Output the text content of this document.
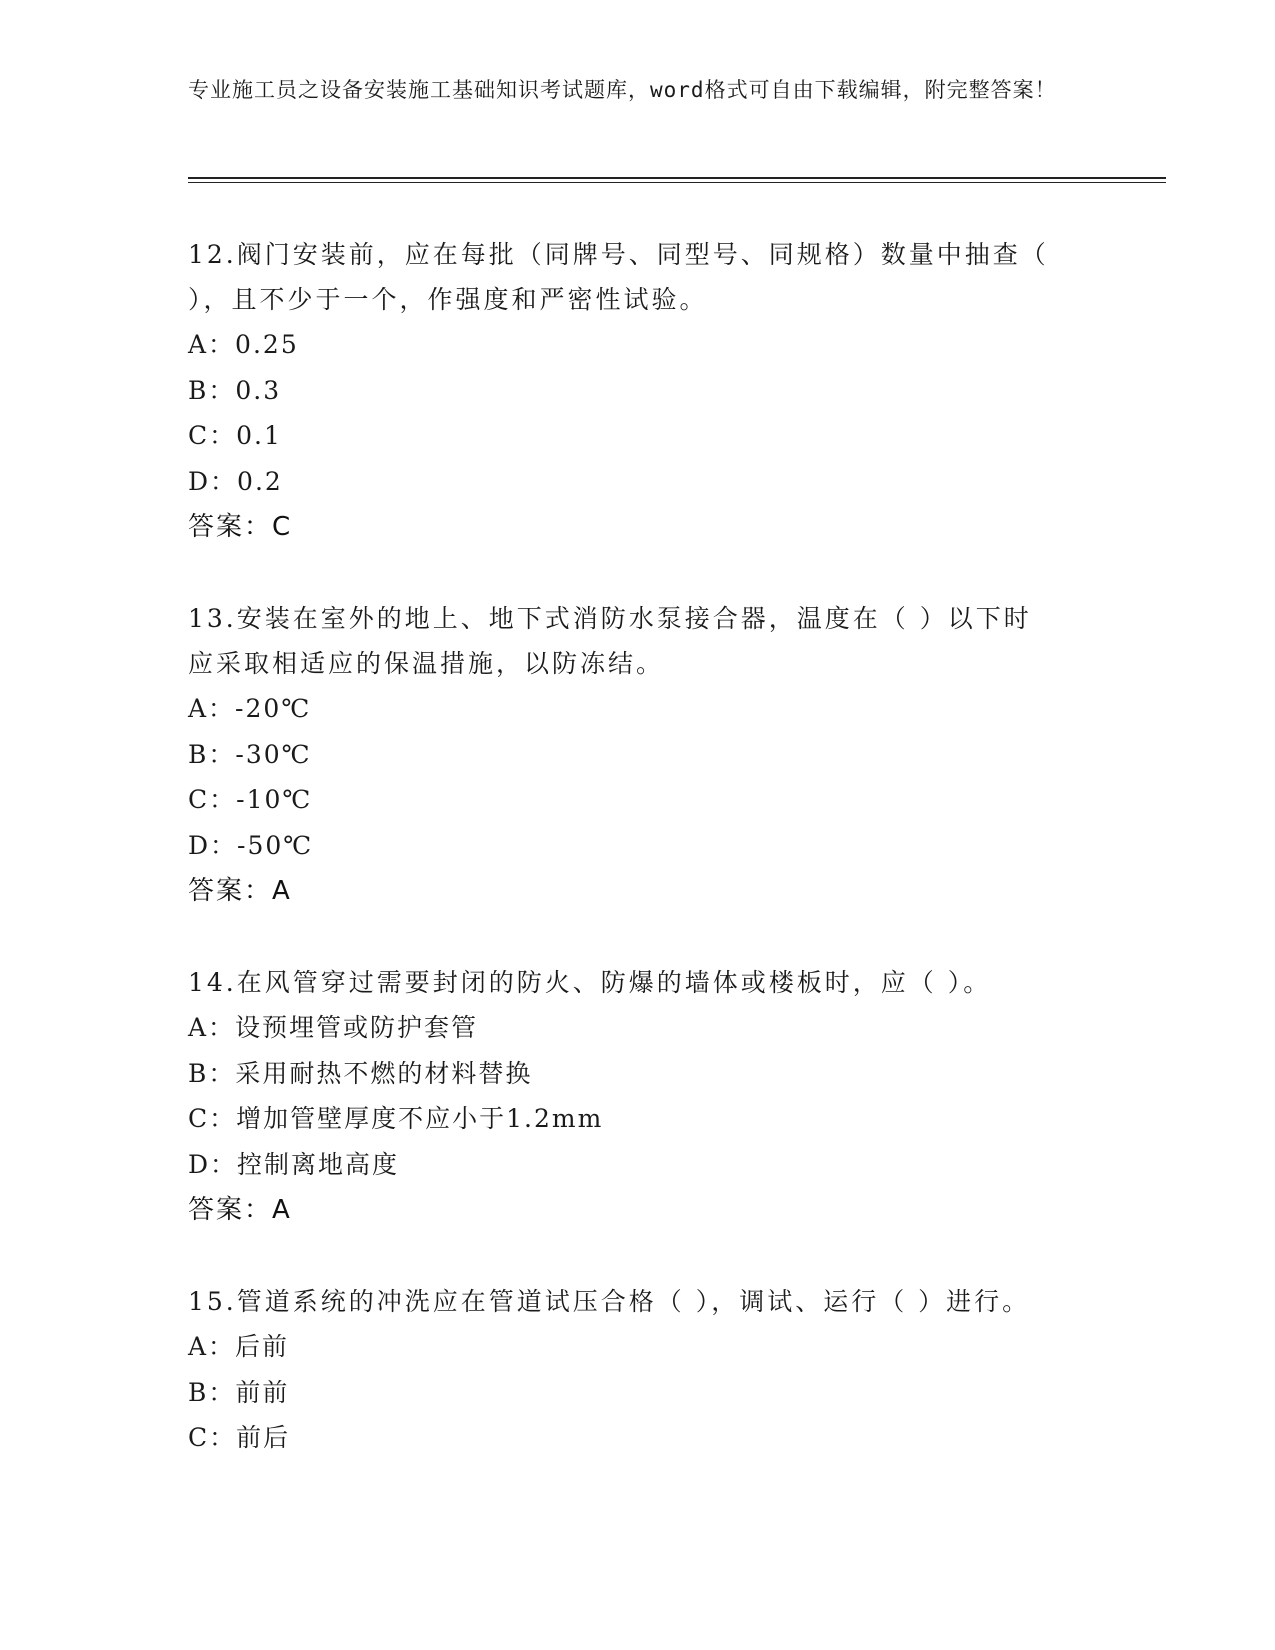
专业施工员之设备安装施工基础知识考试题库，word格式可自由下载编辑，附完整答案！
12.阀门安装前，应在每批（同牌号、同型号、同规格）数量中抽查（
），且不少于一个，作强度和严密性试验。
A：0.25
B：0.3
C：0.1
D：0.2
答案：C
13.安装在室外的地上、地下式消防水泵接合器，温度在（ ）以下时
应采取相适应的保温措施，以防冻结。
A：-20℃
B：-30℃
C：-10℃
D：-50℃
答案：A
14.在风管穿过需要封闭的防火、防爆的墙体或楼板时，应（ ）。
A：设预埋管或防护套管
B：采用耐热不燃的材料替换
C：增加管壁厚度不应小于1.2mm
D：控制离地高度
答案：A
15.管道系统的冲洗应在管道试压合格（ ），调试、运行（ ）进行。
A：后前
B：前前
C：前后
